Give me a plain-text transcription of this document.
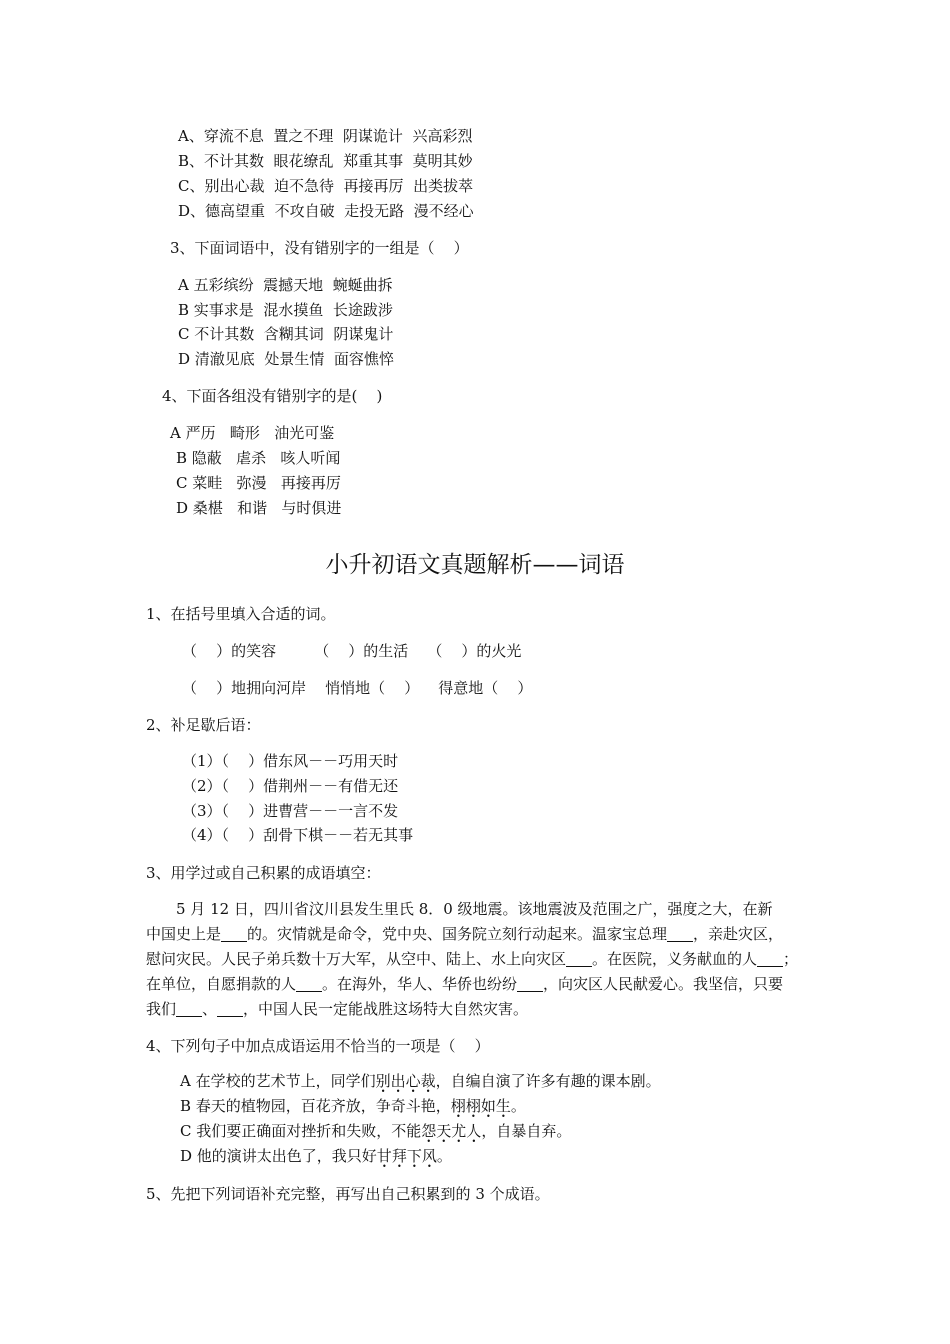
A、穿流不息  置之不理  阴谋诡计  兴高彩烈
B、不计其数  眼花缭乱  郑重其事  莫明其妙
C、别出心裁  迫不急待  再接再厉  出类拔萃
D、德高望重  不攻自破  走投无路  漫不经心
3、下面词语中，没有错别字的一组是（    ）
A 五彩缤纷  震撼天地  蜿蜒曲拆
B 实事求是  混水摸鱼  长途跋涉
C 不计其数  含糊其词  阴谋鬼计
D 清澈见底  处景生情  面容憔悴
4、下面各组没有错别字的是(    )
A 严历   畸形   油光可鉴
B 隐蔽   虐杀   咳人听闻
C 菜畦   弥漫   再接再厉
D 桑椹   和谐   与时俱进
小升初语文真题解析——词语
1、在括号里填入合适的词。
（    ）的笑容        （    ）的生活    （    ）的火光
（    ）地拥向河岸    悄悄地（    ）    得意地（    ）
2、补足歇后语：
（1）（    ）借东风－－巧用天时
（2）（    ）借荆州－－有借无还
（3）（    ）进曹营－－一言不发
（4）（    ）刮骨下棋－－若无其事
3、用学过或自己积累的成语填空：
5 月 12 日，四川省汶川县发生里氏 8．0 级地震。该地震波及范围之广，强度之大，在新
中国史上是 的。灾情就是命令，党中央、国务院立刻行动起来。温家宝总理 ，亲赴灾区，
慰问灾民。人民子弟兵数十万大军，从空中、陆上、水上向灾区 。在医院，义务献血的人 ；
在单位，自愿捐款的人 。在海外，华人、华侨也纷纷 ，向灾区人民献爱心。我坚信，只要
我们 、 ，中国人民一定能战胜这场特大自然灾害。
4、下列句子中加点成语运用不恰当的一项是（    ）
A 在学校的艺术节上，同学们别出心裁，自编自演了许多有趣的课本剧。
B 春天的植物园，百花齐放，争奇斗艳，栩栩如生。
C 我们要正确面对挫折和失败，不能怨天尤人，自暴自弃。
D 他的演讲太出色了，我只好甘拜下风。
5、先把下列词语补充完整，再写出自己积累到的 3 个成语。
